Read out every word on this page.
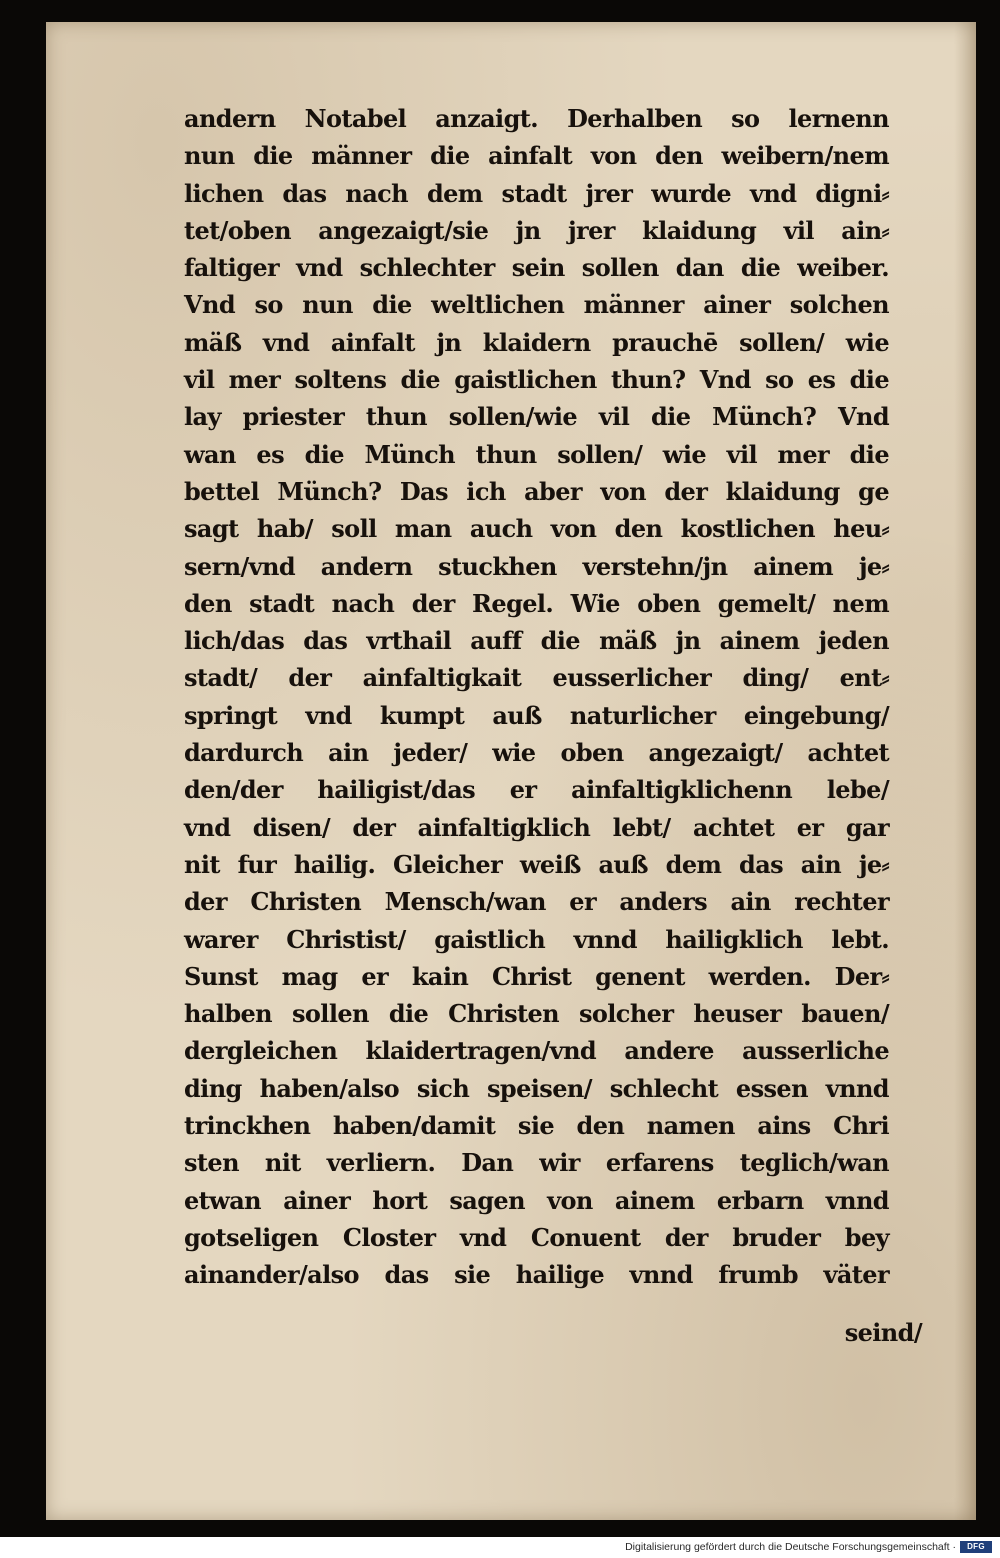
andern Notabel anzaigt. Derhalben so lernenn
nun die männer die ainfalt von den weibern/nem
lichen das nach dem stadt jrer wurde vnd digni⸗
tet/oben angezaigt/sie jn jrer klaidung vil ain⸗
faltiger vnd schlechter sein sollen dan die weiber.
Vnd so nun die weltlichen männer ainer solchen
mäß vnd ainfalt jn klaidern prauchē sollen/ wie
vil mer soltens die gaistlichen thun? Vnd so es die
lay priester thun sollen/wie vil die Münch? Vnd
wan es die Münch thun sollen/ wie vil mer die
bettel Münch? Das ich aber von der klaidung ge
sagt hab/ soll man auch von den kostlichen heu⸗
sern/vnd andern stuckhen verstehn/jn ainem je⸗
den stadt nach der Regel. Wie oben gemelt/ nem
lich/das das vrthail auff die mäß jn ainem jeden
stadt/ der ainfaltigkait eusserlicher ding/ ent⸗
springt vnd kumpt auß naturlicher eingebung/
dardurch ain jeder/ wie oben angezaigt/ achtet
den/der hailigist/das er ainfaltigklichenn lebe/
vnd disen/ der ainfaltigklich lebt/ achtet er gar
nit fur hailig. Gleicher weiß auß dem das ain je⸗
der Christen Mensch/wan er anders ain rechter
warer Christist/ gaistlich vnnd hailigklich lebt.
Sunst mag er kain Christ genent werden. Der⸗
halben sollen die Christen solcher heuser bauen/
dergleichen klaidertragen/vnd andere ausserliche
ding haben/also sich speisen/ schlecht essen vnnd
trinckhen haben/damit sie den namen ains Chri
sten nit verliern. Dan wir erfarens teglich/wan
etwan ainer hort sagen von ainem erbarn vnnd
gotseligen Closter vnd Conuent der bruder bey
ainander/also das sie hailige vnnd frumb väter
seind/
Digitalisierung gefördert durch die Deutsche Forschungsgemeinschaft ·	DFG
